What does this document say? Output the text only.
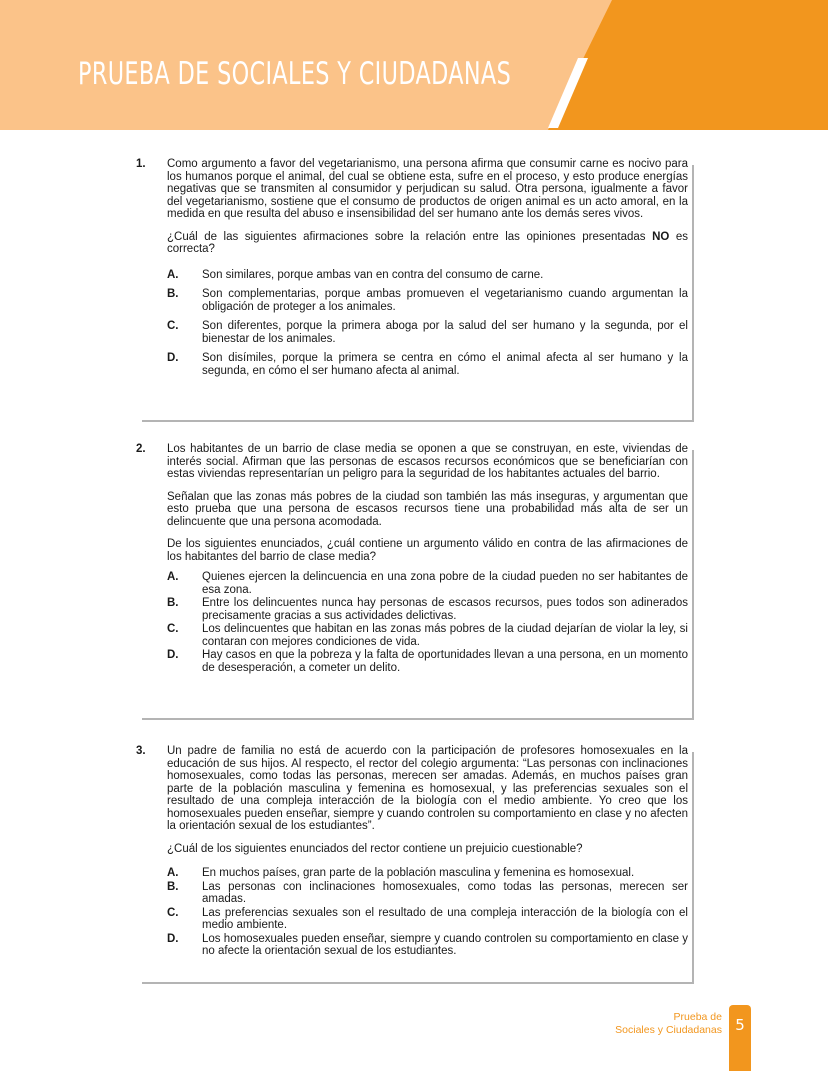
PRUEBA DE SOCIALES Y CIUDADANAS
1. Como argumento a favor del vegetarianismo, una persona afirma que consumir carne es nocivo para los humanos porque el animal, del cual se obtiene esta, sufre en el proceso, y esto produce energías negativas que se transmiten al consumidor y perjudican su salud. Otra persona, igualmente a favor del vegetarianismo, sostiene que el consumo de productos de origen animal es un acto amoral, en la medida en que resulta del abuso e insensibilidad del ser humano ante los demás seres vivos.

¿Cuál de las siguientes afirmaciones sobre la relación entre las opiniones presentadas NO es correcta?

A. Son similares, porque ambas van en contra del consumo de carne.
B. Son complementarias, porque ambas promueven el vegetarianismo cuando argumentan la obligación de proteger a los animales.
C. Son diferentes, porque la primera aboga por la salud del ser humano y la segunda, por el bienestar de los animales.
D. Son disímiles, porque la primera se centra en cómo el animal afecta al ser humano y la segunda, en cómo el ser humano afecta al animal.
2. Los habitantes de un barrio de clase media se oponen a que se construyan, en este, viviendas de interés social. Afirman que las personas de escasos recursos económicos que se beneficiarían con estas viviendas representarían un peligro para la seguridad de los habitantes actuales del barrio.

Señalan que las zonas más pobres de la ciudad son también las más inseguras, y argumentan que esto prueba que una persona de escasos recursos tiene una probabilidad más alta de ser un delincuente que una persona acomodada.

De los siguientes enunciados, ¿cuál contiene un argumento válido en contra de las afirmaciones de los habitantes del barrio de clase media?

A. Quienes ejercen la delincuencia en una zona pobre de la ciudad pueden no ser habitantes de esa zona.
B. Entre los delincuentes nunca hay personas de escasos recursos, pues todos son adinerados precisamente gracias a sus actividades delictivas.
C. Los delincuentes que habitan en las zonas más pobres de la ciudad dejarían de violar la ley, si contaran con mejores condiciones de vida.
D. Hay casos en que la pobreza y la falta de oportunidades llevan a una persona, en un momento de desesperación, a cometer un delito.
3. Un padre de familia no está de acuerdo con la participación de profesores homosexuales en la educación de sus hijos. Al respecto, el rector del colegio argumenta: “Las personas con inclinaciones homosexuales, como todas las personas, merecen ser amadas. Además, en muchos países gran parte de la población masculina y femenina es homosexual, y las preferencias sexuales son el resultado de una compleja interacción de la biología con el medio ambiente. Yo creo que los homosexuales pueden enseñar, siempre y cuando controlen su comportamiento en clase y no afecten la orientación sexual de los estudiantes”.

¿Cuál de los siguientes enunciados del rector contiene un prejuicio cuestionable?

A. En muchos países, gran parte de la población masculina y femenina es homosexual.
B. Las personas con inclinaciones homosexuales, como todas las personas, merecen ser amadas.
C. Las preferencias sexuales son el resultado de una compleja interacción de la biología con el medio ambiente.
D. Los homosexuales pueden enseñar, siempre y cuando controlen su comportamiento en clase y no afecte la orientación sexual de los estudiantes.
Prueba de
Sociales y Ciudadanas 5
